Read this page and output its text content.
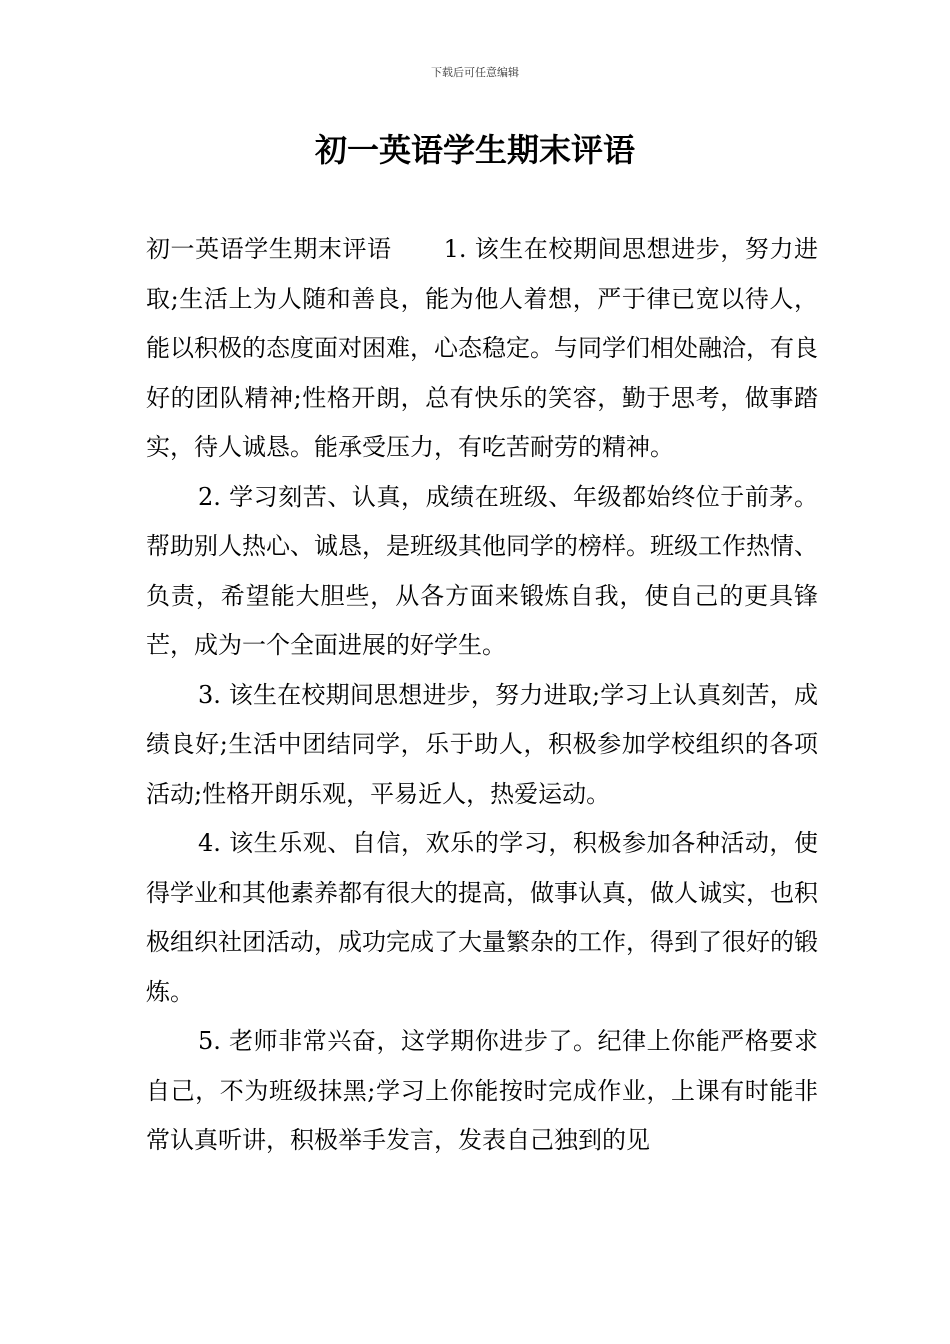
下载后可任意编辑
初一英语学生期末评语

初一英语学生期末评语 1. 该生在校期间思想进步，努力进取;生活上为人随和善良，能为他人着想，严于律已宽以待人，能以积极的态度面对困难，心态稳定。与同学们相处融洽，有良好的团队精神;性格开朗，总有快乐的笑容，勤于思考，做事踏实，待人诚恳。能承受压力，有吃苦耐劳的精神。

2. 学习刻苦、认真，成绩在班级、年级都始终位于前茅。帮助别人热心、诚恳，是班级其他同学的榜样。班级工作热情、负责，希望能大胆些，从各方面来锻炼自我，使自己的更具锋芒，成为一个全面进展的好学生。

3. 该生在校期间思想进步，努力进取;学习上认真刻苦，成绩良好;生活中团结同学，乐于助人，积极参加学校组织的各项活动;性格开朗乐观，平易近人，热爱运动。

4. 该生乐观、自信，欢乐的学习，积极参加各种活动，使得学业和其他素养都有很大的提高，做事认真，做人诚实，也积极组织社团活动，成功完成了大量繁杂的工作，得到了很好的锻炼。

5. 老师非常兴奋，这学期你进步了。纪律上你能严格要求自己，不为班级抹黑;学习上你能按时完成作业，上课有时能非常认真听讲，积极举手发言，发表自己独到的见
